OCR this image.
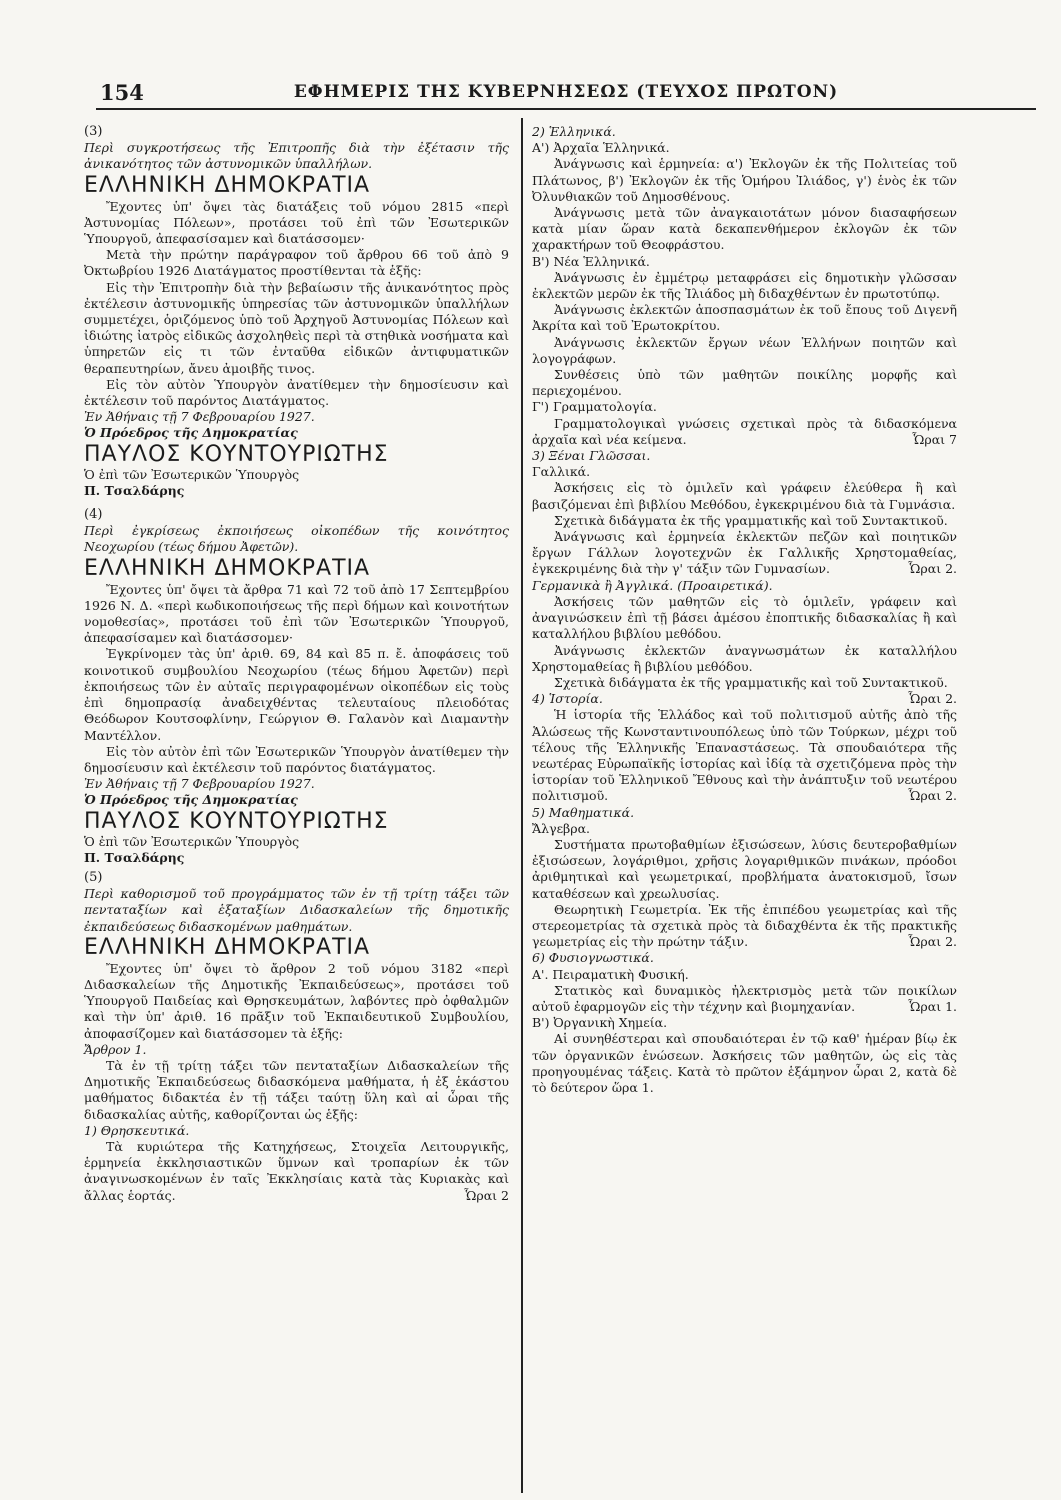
154	ΕΦΗΜΕΡΙΣ ΤΗΣ ΚΥΒΕΡΝΗΣΕΩΣ (ΤΕΥΧΟΣ ΠΡΩΤΟΝ)

(3)

Περὶ συγκροτήσεως τῆς Ἐπιτροπῆς διὰ τὴν ἐξέτασιν τῆς ἀνικανότητος τῶν ἀστυνομικῶν ὑπαλλήλων.

ΕΛΛΗΝΙΚΗ ΔΗΜΟΚΡΑΤΙΑ

Ἔχοντες ὑπ' ὄψει τὰς διατάξεις τοῦ νόμου 2815 «περὶ Ἀστυνομίας Πόλεων», προτάσει τοῦ ἐπὶ τῶν Ἐσωτερικῶν Ὑπουργοῦ, ἀπεφασίσαμεν καὶ διατάσσομεν·

Μετὰ τὴν πρώτην παράγραφον τοῦ ἄρθρου 66 τοῦ ἀπὸ 9 Ὀκτωβρίου 1926 Διατάγματος προστίθενται τὰ ἑξῆς:

Εἰς τὴν Ἐπιτροπὴν διὰ τὴν βεβαίωσιν τῆς ἀνικανότητος πρὸς ἐκτέλεσιν ἀστυνομικῆς ὑπηρεσίας τῶν ἀστυνομικῶν ὑπαλλήλων συμμετέχει, ὁριζόμενος ὑπὸ τοῦ Ἀρχηγοῦ Ἀστυνομίας Πόλεων καὶ ἰδιώτης ἰατρὸς εἰδικῶς ἀσχοληθεὶς περὶ τὰ στηθικὰ νοσήματα καὶ ὑπηρετῶν εἰς τι τῶν ἐνταῦθα εἰδικῶν ἀντιφυματικῶν θεραπευτηρίων, ἄνευ ἀμοιβῆς τινος.

Εἰς τὸν αὐτὸν Ὑπουργὸν ἀνατίθεμεν τὴν δημοσίευσιν καὶ ἐκτέλεσιν τοῦ παρόντος Διατάγματος.

Ἐν Ἀθήναις τῇ 7 Φεβρουαρίου 1927.

Ὁ Πρόεδρος τῆς Δημοκρατίας

ΠΑΥΛΟΣ ΚΟΥΝΤΟΥΡΙΩΤΗΣ

Ὁ ἐπὶ τῶν Ἐσωτερικῶν Ὑπουργὸς

Π. Τσαλδάρης

(4)

Περὶ ἐγκρίσεως ἐκποιήσεως οἰκοπέδων τῆς κοινότητος Νεοχωρίου (τέως δήμου Ἀφετῶν).

ΕΛΛΗΝΙΚΗ ΔΗΜΟΚΡΑΤΙΑ

Ἔχοντες ὑπ' ὄψει τὰ ἄρθρα 71 καὶ 72 τοῦ ἀπὸ 17 Σεπτεμβρίου 1926 Ν. Δ. «περὶ κωδικοποιήσεως τῆς περὶ δήμων καὶ κοινοτήτων νομοθεσίας», προτάσει τοῦ ἐπὶ τῶν Ἐσωτερικῶν Ὑπουργοῦ, ἀπεφασίσαμεν καὶ διατάσσομεν·

Ἐγκρίνομεν τὰς ὑπ' ἀριθ. 69, 84 καὶ 85 π. ἔ. ἀποφάσεις τοῦ κοινοτικοῦ συμβουλίου Νεοχωρίου (τέως δήμου Ἀφετῶν) περὶ ἐκποιήσεως τῶν ἐν αὐταῖς περιγραφομένων οἰκοπέδων εἰς τοὺς ἐπὶ δημοπρασίᾳ ἀναδειχθέντας τελευταίους πλειοδότας Θεόδωρον Κουτσοφλίνην, Γεώργιον Θ. Γαλανὸν καὶ Διαμαντὴν Μαντέλλον.

Εἰς τὸν αὐτὸν ἐπὶ τῶν Ἐσωτερικῶν Ὑπουργὸν ἀνατίθεμεν τὴν δημοσίευσιν καὶ ἐκτέλεσιν τοῦ παρόντος διατάγματος.

Ἐν Ἀθήναις τῇ 7 Φεβρουαρίου 1927.

Ὁ Πρόεδρος τῆς Δημοκρατίας

ΠΑΥΛΟΣ ΚΟΥΝΤΟΥΡΙΩΤΗΣ

Ὁ ἐπὶ τῶν Ἐσωτερικῶν Ὑπουργὸς

Π. Τσαλδάρης

(5)

Περὶ καθορισμοῦ τοῦ προγράμματος τῶν ἐν τῇ τρίτῃ τάξει τῶν πενταταξίων καὶ ἑξαταξίων Διδασκαλείων τῆς δημοτικῆς ἐκπαιδεύσεως διδασκομένων μαθημάτων.

ΕΛΛΗΝΙΚΗ ΔΗΜΟΚΡΑΤΙΑ

Ἔχοντες ὑπ' ὄψει τὸ ἄρθρον 2 τοῦ νόμου 3182 «περὶ Διδασκαλείων τῆς Δημοτικῆς Ἐκπαιδεύσεως», προτάσει τοῦ Ὑπουργοῦ Παιδείας καὶ Θρησκευμάτων, λαβόντες πρὸ ὀφθαλμῶν καὶ τὴν ὑπ' ἀριθ. 16 πρᾶξιν τοῦ Ἐκπαιδευτικοῦ Συμβουλίου, ἀποφασίζομεν καὶ διατάσσομεν τὰ ἑξῆς:

Ἄρθρον 1.

Τὰ ἐν τῇ τρίτῃ τάξει τῶν πενταταξίων Διδασκαλείων τῆς Δημοτικῆς Ἐκπαιδεύσεως διδασκόμενα μαθήματα, ἡ ἐξ ἑκάστου μαθήματος διδακτέα ἐν τῇ τάξει ταύτῃ ὕλη καὶ αἱ ὧραι τῆς διδασκαλίας αὐτῆς, καθορίζονται ὡς ἑξῆς:

1) Θρησκευτικά.

Τὰ κυριώτερα τῆς Κατηχήσεως, Στοιχεῖα Λειτουργικῆς, ἑρμηνεία ἐκκλησιαστικῶν ὕμνων καὶ τροπαρίων ἐκ τῶν ἀναγινωσκομένων ἐν ταῖς Ἐκκλησίαις κατὰ τὰς Κυριακὰς καὶ ἄλλας ἑορτάς.	Ὧραι 2

2) Ἑλληνικά.

Α') Ἀρχαῖα Ἑλληνικά.

Ἀνάγνωσις καὶ ἑρμηνεία: α') Ἐκλογῶν ἐκ τῆς Πολιτείας τοῦ Πλάτωνος, β') Ἐκλογῶν ἐκ τῆς Ὁμήρου Ἰλιάδος, γ') ἑνὸς ἐκ τῶν Ὀλυνθιακῶν τοῦ Δημοσθένους.

Ἀνάγνωσις μετὰ τῶν ἀναγκαιοτάτων μόνον διασαφήσεων κατὰ μίαν ὥραν κατὰ δεκαπενθήμερον ἐκλογῶν ἐκ τῶν χαρακτήρων τοῦ Θεοφράστου.

Β') Νέα Ἑλληνικά.

Ἀνάγνωσις ἐν ἐμμέτρῳ μεταφράσει εἰς δημοτικὴν γλῶσσαν ἐκλεκτῶν μερῶν ἐκ τῆς Ἰλιάδος μὴ διδαχθέντων ἐν πρωτοτύπῳ.

Ἀνάγνωσις ἐκλεκτῶν ἀποσπασμάτων ἐκ τοῦ ἔπους τοῦ Διγενῆ Ἀκρίτα καὶ τοῦ Ἐρωτοκρίτου.

Ἀνάγνωσις ἐκλεκτῶν ἔργων νέων Ἑλλήνων ποιητῶν καὶ λογογράφων.

Συνθέσεις ὑπὸ τῶν μαθητῶν ποικίλης μορφῆς καὶ περιεχομένου.

Γ') Γραμματολογία.

Γραμματολογικαὶ γνώσεις σχετικαὶ πρὸς τὰ διδασκόμενα ἀρχαῖα καὶ νέα κείμενα.	Ὧραι 7

3) Ξέναι Γλῶσσαι.

Γαλλικά.

Ἀσκήσεις εἰς τὸ ὁμιλεῖν καὶ γράφειν ἐλεύθερα ἢ καὶ βασιζόμεναι ἐπὶ βιβλίου Μεθόδου, ἐγκεκριμένου διὰ τὰ Γυμνάσια.

Σχετικὰ διδάγματα ἐκ τῆς γραμματικῆς καὶ τοῦ Συντακτικοῦ.

Ἀνάγνωσις καὶ ἑρμηνεία ἐκλεκτῶν πεζῶν καὶ ποιητικῶν ἔργων Γάλλων λογοτεχνῶν ἐκ Γαλλικῆς Χρηστομαθείας, ἐγκεκριμένης διὰ τὴν γ' τάξιν τῶν Γυμνασίων.	Ὧραι 2.

Γερμανικὰ ἢ Ἀγγλικά. (Προαιρετικά).

Ἀσκήσεις τῶν μαθητῶν εἰς τὸ ὁμιλεῖν, γράφειν καὶ ἀναγινώσκειν ἐπὶ τῇ βάσει ἀμέσου ἐποπτικῆς διδασκαλίας ἢ καὶ καταλλήλου βιβλίου μεθόδου.

Ἀνάγνωσις ἐκλεκτῶν ἀναγνωσμάτων ἐκ καταλλήλου Χρηστομαθείας ἢ βιβλίου μεθόδου.

Σχετικὰ διδάγματα ἐκ τῆς γραμματικῆς καὶ τοῦ Συντακτικοῦ.
Ὧραι 2.

4) Ἱστορία.

Ἡ ἱστορία τῆς Ἑλλάδος καὶ τοῦ πολιτισμοῦ αὐτῆς ἀπὸ τῆς Ἁλώσεως τῆς Κωνσταντινουπόλεως ὑπὸ τῶν Τούρκων, μέχρι τοῦ τέλους τῆς Ἑλληνικῆς Ἐπαναστάσεως. Τὰ σπουδαιότερα τῆς νεωτέρας Εὐρωπαϊκῆς ἱστορίας καὶ ἰδίᾳ τὰ σχετιζόμενα πρὸς τὴν ἱστορίαν τοῦ Ἑλληνικοῦ Ἔθνους καὶ τὴν ἀνάπτυξιν τοῦ νεωτέρου πολιτισμοῦ.	Ὧραι 2.

5) Μαθηματικά.

Ἄλγεβρα.

Συστήματα πρωτοβαθμίων ἐξισώσεων, λύσις δευτεροβαθμίων ἐξισώσεων, λογάριθμοι, χρῆσις λογαριθμικῶν πινάκων, πρόοδοι ἀριθμητικαὶ καὶ γεωμετρικαί, προβλήματα ἀνατοκισμοῦ, ἴσων καταθέσεων καὶ χρεωλυσίας.

Θεωρητικὴ Γεωμετρία. Ἐκ τῆς ἐπιπέδου γεωμετρίας καὶ τῆς στερεομετρίας τὰ σχετικὰ πρὸς τὰ διδαχθέντα ἐκ τῆς πρακτικῆς γεωμετρίας εἰς τὴν πρώτην τάξιν.	Ὧραι 2.

6) Φυσιογνωστικά.

Α'. Πειραματικὴ Φυσική.

Στατικὸς καὶ δυναμικὸς ἠλεκτρισμὸς μετὰ τῶν ποικίλων αὐτοῦ ἐφαρμογῶν εἰς τὴν τέχνην καὶ βιομηχανίαν.	Ὧραι 1.

Β') Ὀργανικὴ Χημεία.

Αἱ συνηθέστεραι καὶ σπουδαιότεραι ἐν τῷ καθ' ἡμέραν βίῳ ἐκ τῶν ὀργανικῶν ἑνώσεων. Ἀσκήσεις τῶν μαθητῶν, ὡς εἰς τὰς προηγουμένας τάξεις. Κατὰ τὸ πρῶτον ἑξάμηνον ὧραι 2, κατὰ δὲ τὸ δεύτερον ὥρα 1.
